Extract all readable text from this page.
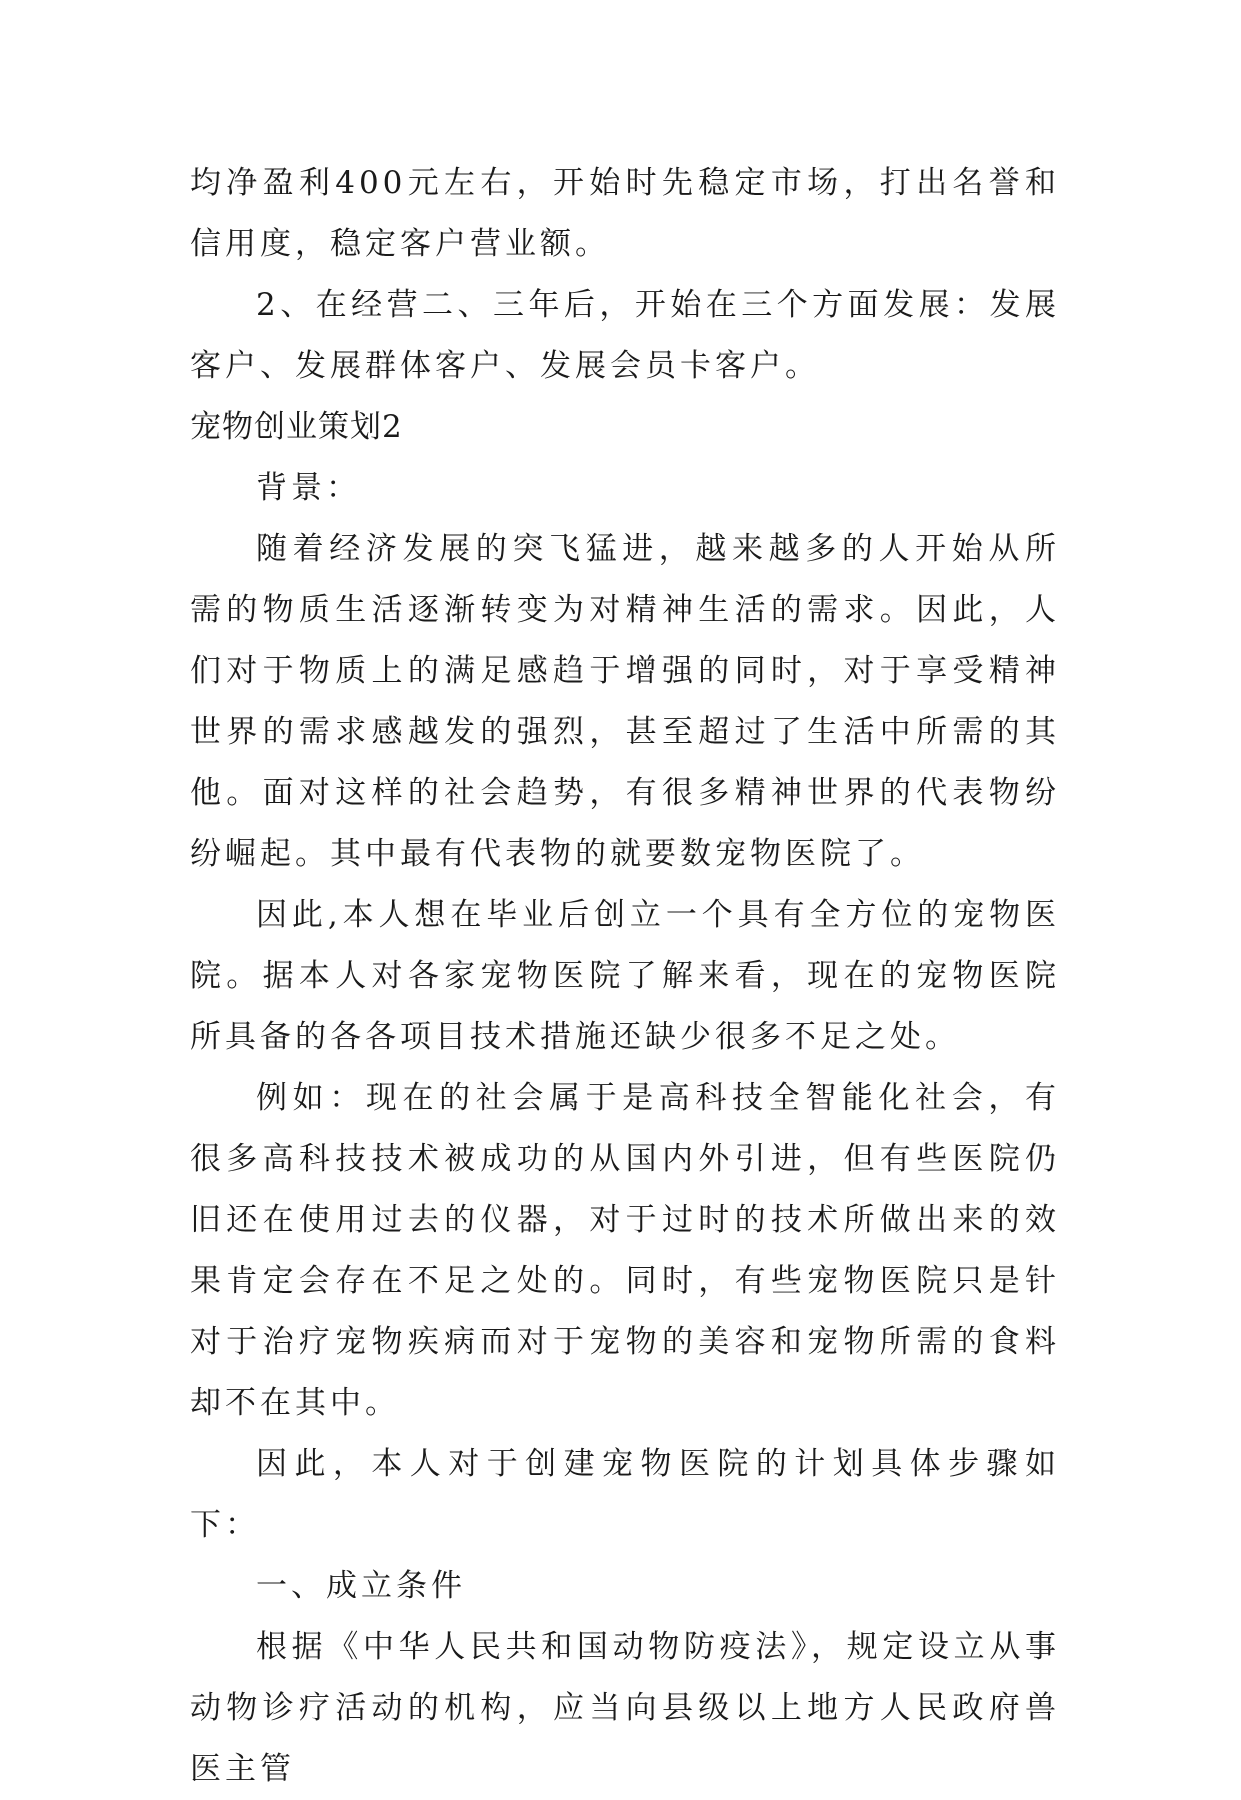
均净盈利400元左右，开始时先稳定市场，打出名誉和信用度，稳定客户营业额。

2、在经营二、三年后，开始在三个方面发展：发展客户、发展群体客户、发展会员卡客户。

宠物创业策划2

背景：

随着经济发展的突飞猛进，越来越多的人开始从所需的物质生活逐渐转变为对精神生活的需求。因此，人们对于物质上的满足感趋于增强的同时，对于享受精神世界的需求感越发的强烈，甚至超过了生活中所需的其他。面对这样的社会趋势，有很多精神世界的代表物纷纷崛起。其中最有代表物的就要数宠物医院了。

因此,本人想在毕业后创立一个具有全方位的宠物医院。据本人对各家宠物医院了解来看，现在的宠物医院所具备的各各项目技术措施还缺少很多不足之处。

例如：现在的社会属于是高科技全智能化社会，有很多高科技技术被成功的从国内外引进，但有些医院仍旧还在使用过去的仪器，对于过时的技术所做出来的效果肯定会存在不足之处的。同时，有些宠物医院只是针对于治疗宠物疾病而对于宠物的美容和宠物所需的食料却不在其中。

因此，本人对于创建宠物医院的计划具体步骤如下：

一、成立条件

根据《中华人民共和国动物防疫法》，规定设立从事动物诊疗活动的机构，应当向县级以上地方人民政府兽医主管
